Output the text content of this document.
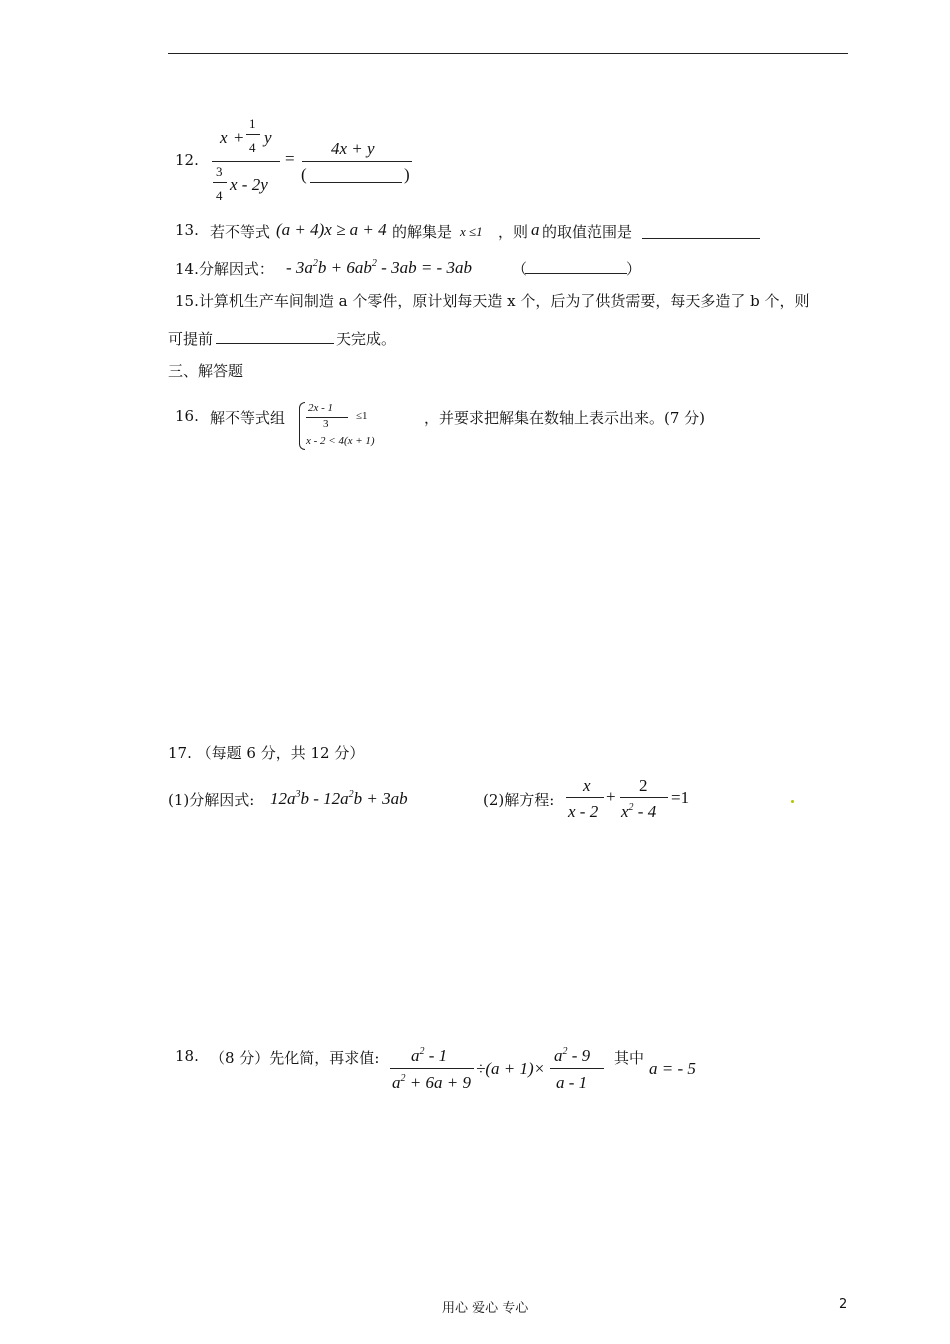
12.
x +
1
4
y
3
4
x - 2y
=
4x + y
(	)
13. 若不等式 (a + 4)x ≥ a + 4 的解集是 x ≤1 ，则 a 的取值范围是
14.分解因式： - $3a^2b + 6ab^2 - 3ab$ = - 3ab	（	）
15.计算机生产车间制造 a 个零件，原计划每天造 x 个，后为了供货需要，每天多造了 b 个，则
可提前	天完成。
三、解答题
16. 解不等式组
2x - 1
3
≤1
x - 2 < 4(x + 1)
，并要求把解集在数轴上表示出来。(7 分)
17. （每题 6 分，共 12 分）
(1)分解因式: $12a^3b - 12a^2b + 3ab$	(2)解方程:
x
x - 2
+
2
$x^2 - 4$
=1
18. （8 分）先化简，再求值: $a^2 - 1$
$a^2 + 6a + 9$
÷(a + 1)×
$a^2 - 9$
a - 1
其中
a = - 5
用心 爱心 专心	2
